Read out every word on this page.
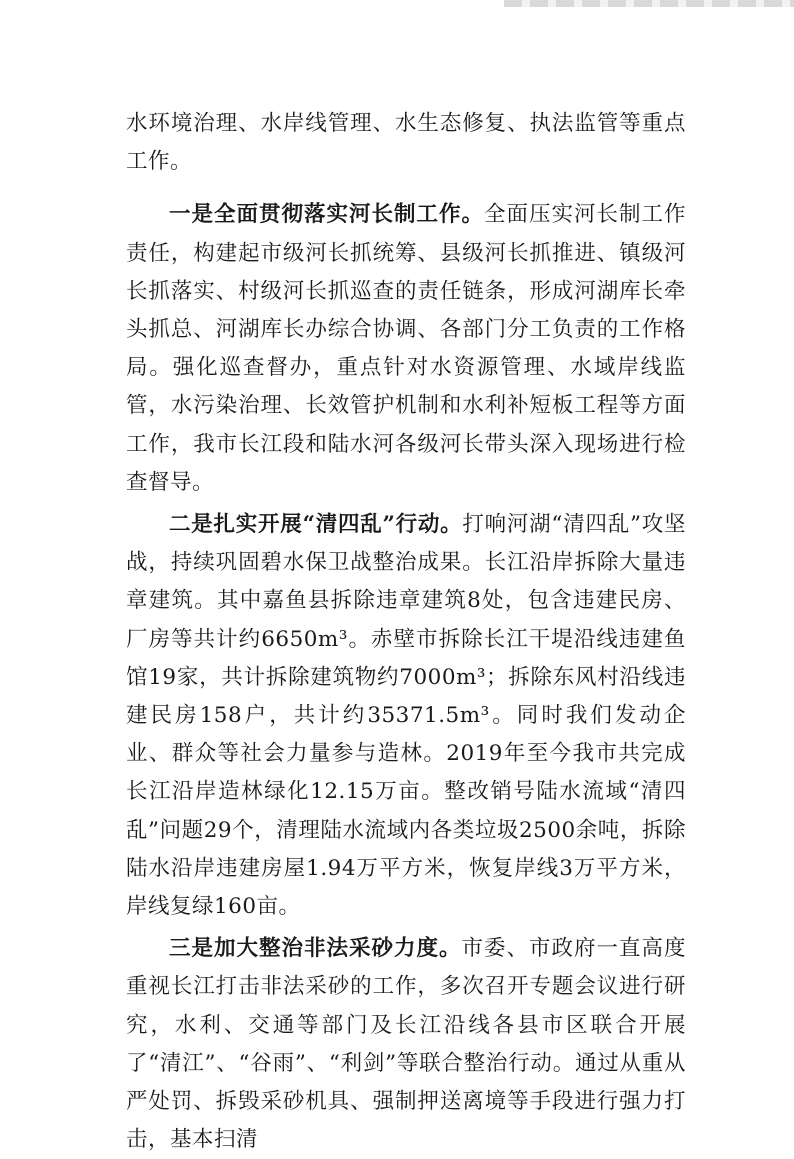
水环境治理、水岸线管理、水生态修复、执法监管等重点工作。

一是全面贯彻落实河长制工作。全面压实河长制工作责任，构建起市级河长抓统筹、县级河长抓推进、镇级河长抓落实、村级河长抓巡查的责任链条，形成河湖库长牵头抓总、河湖库长办综合协调、各部门分工负责的工作格局。强化巡查督办，重点针对水资源管理、水域岸线监管，水污染治理、长效管护机制和水利补短板工程等方面工作，我市长江段和陆水河各级河长带头深入现场进行检查督导。

二是扎实开展“清四乱”行动。打响河湖“清四乱”攻坚战，持续巩固碧水保卫战整治成果。长江沿岸拆除大量违章建筑。其中嘉鱼县拆除违章建筑8处，包含违建民房、厂房等共计约6650m³。赤壁市拆除长江干堤沿线违建鱼馆19家，共计拆除建筑物约7000m³；拆除东风村沿线违建民房158户，共计约35371.5m³。同时我们发动企业、群众等社会力量参与造林。2019年至今我市共完成长江沿岸造林绿化12.15万亩。整改销号陆水流域“清四乱”问题29个，清理陆水流域内各类垃圾2500余吨，拆除陆水沿岸违建房屋1.94万平方米，恢复岸线3万平方米，岸线复绿160亩。

三是加大整治非法采砂力度。市委、市政府一直高度重视长江打击非法采砂的工作，多次召开专题会议进行研究，水利、交通等部门及长江沿线各县市区联合开展了“清江”、“谷雨”、“利剑”等联合整治行动。通过从重从严处罚、拆毁采砂机具、强制押送离境等手段进行强力打击，基本扫清
